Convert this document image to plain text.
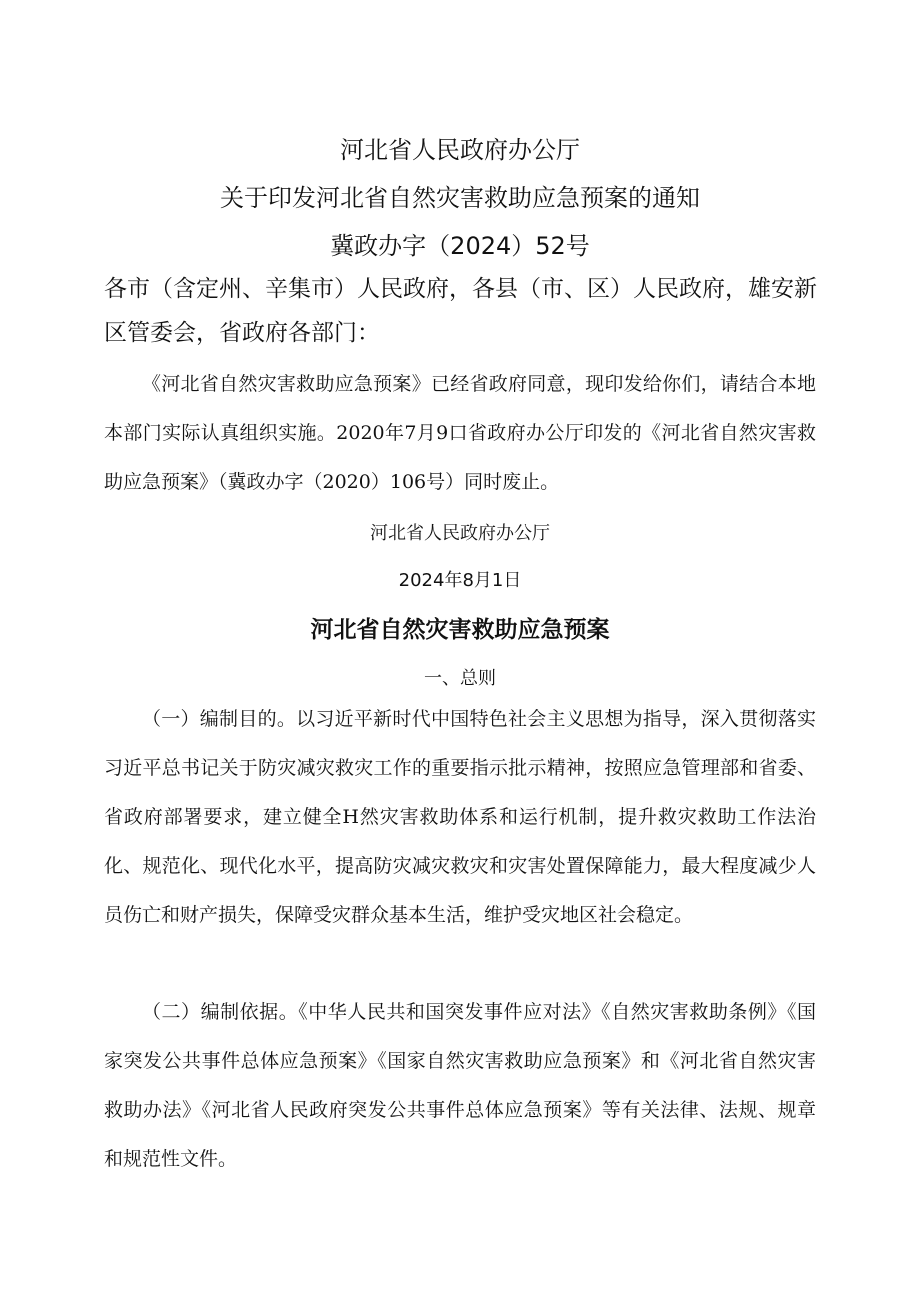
河北省人民政府办公厅
关于印发河北省自然灾害救助应急预案的通知
冀政办字（2024）52号

各市（含定州、辛集市）人民政府，各县（市、区）人民政府，雄安新区管委会，省政府各部门：

《河北省自然灾害救助应急预案》已经省政府同意，现印发给你们，请结合本地本部门实际认真组织实施。2020年7月9口省政府办公厅印发的《河北省自然灾害救助应急预案》（冀政办字（2020）106号）同时废止。

河北省人民政府办公厅

2024年8月1日

河北省自然灾害救助应急预案

一、总则

（一）编制目的。以习近平新时代中国特色社会主义思想为指导，深入贯彻落实习近平总书记关于防灾减灾救灾工作的重要指示批示精神，按照应急管理部和省委、省政府部署要求，建立健全H然灾害救助体系和运行机制，提升救灾救助工作法治化、规范化、现代化水平，提高防灾减灾救灾和灾害处置保障能力，最大程度减少人员伤亡和财产损失，保障受灾群众基本生活，维护受灾地区社会稳定。

（二）编制依据。《中华人民共和国突发事件应对法》《自然灾害救助条例》《国家突发公共事件总体应急预案》《国家自然灾害救助应急预案》和《河北省自然灾害救助办法》《河北省人民政府突发公共事件总体应急预案》等有关法律、法规、规章和规范性文件。
